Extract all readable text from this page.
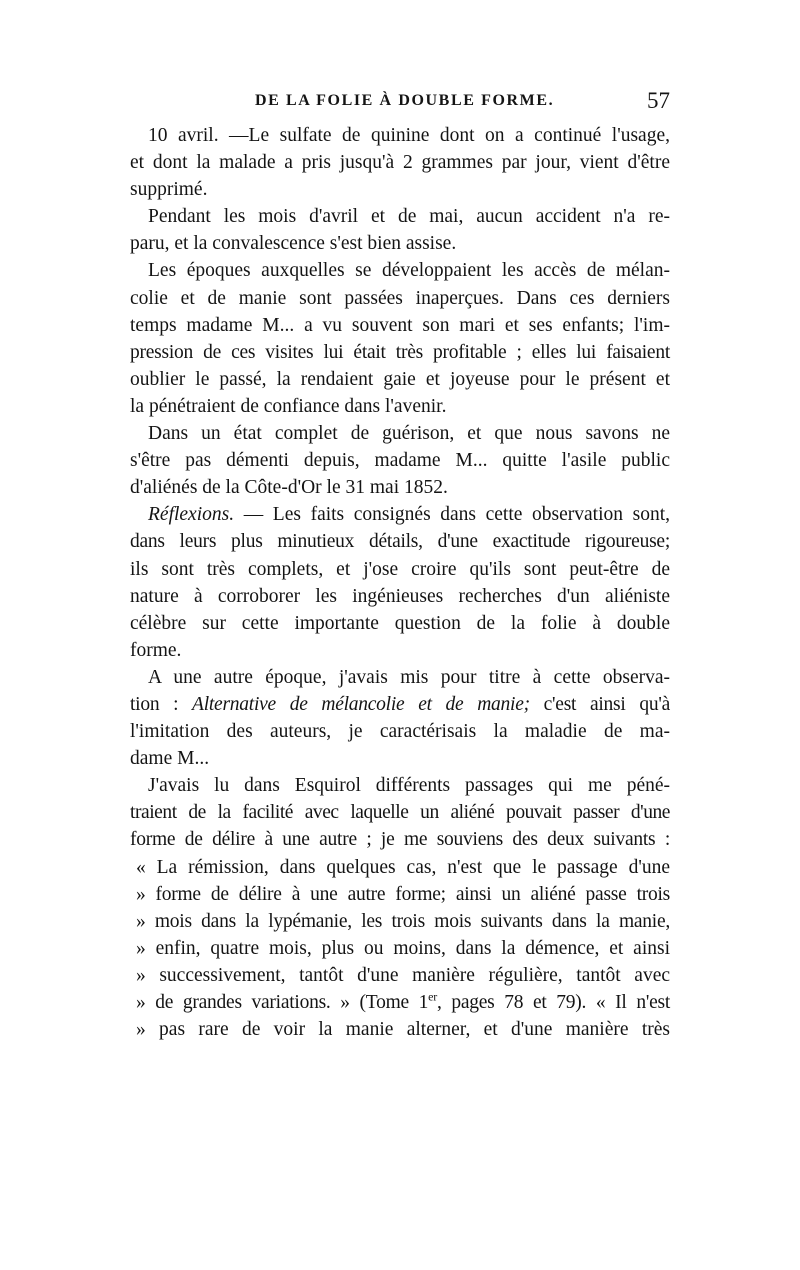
DE LA FOLIE À DOUBLE FORME.	57
10 avril. —Le sulfate de quinine dont on a continué l'usage,
et dont la malade a pris jusqu'à 2 grammes par jour, vient d'être
supprimé.
Pendant les mois d'avril et de mai, aucun accident n'a re-
paru, et la convalescence s'est bien assise.
Les époques auxquelles se développaient les accès de mélan-
colie et de manie sont passées inaperçues. Dans ces derniers
temps madame M... a vu souvent son mari et ses enfants; l'im-
pression de ces visites lui était très profitable ; elles lui faisaient
oublier le passé, la rendaient gaie et joyeuse pour le présent et
la pénétraient de confiance dans l'avenir.
Dans un état complet de guérison, et que nous savons ne
s'être pas démenti depuis, madame M... quitte l'asile public
d'aliénés de la Côte-d'Or le 31 mai 1852.
Réflexions. — Les faits consignés dans cette observation sont,
dans leurs plus minutieux détails, d'une exactitude rigoureuse;
ils sont très complets, et j'ose croire qu'ils sont peut-être de
nature à corroborer les ingénieuses recherches d'un aliéniste
célèbre sur cette importante question de la folie à double
forme.
A une autre époque, j'avais mis pour titre à cette observa-
tion : Alternative de mélancolie et de manie; c'est ainsi qu'à
l'imitation des auteurs, je caractérisais la maladie de ma-
dame M...
J'avais lu dans Esquirol différents passages qui me péné-
traient de la facilité avec laquelle un aliéné pouvait passer d'une
forme de délire à une autre ; je me souviens des deux suivants :
« La rémission, dans quelques cas, n'est que le passage d'une
» forme de délire à une autre forme; ainsi un aliéné passe trois
» mois dans la lypémanie, les trois mois suivants dans la manie,
» enfin, quatre mois, plus ou moins, dans la démence, et ainsi
» successivement, tantôt d'une manière régulière, tantôt avec
» de grandes variations. » (Tome 1er, pages 78 et 79). « Il n'est
» pas rare de voir la manie alterner, et d'une manière très
